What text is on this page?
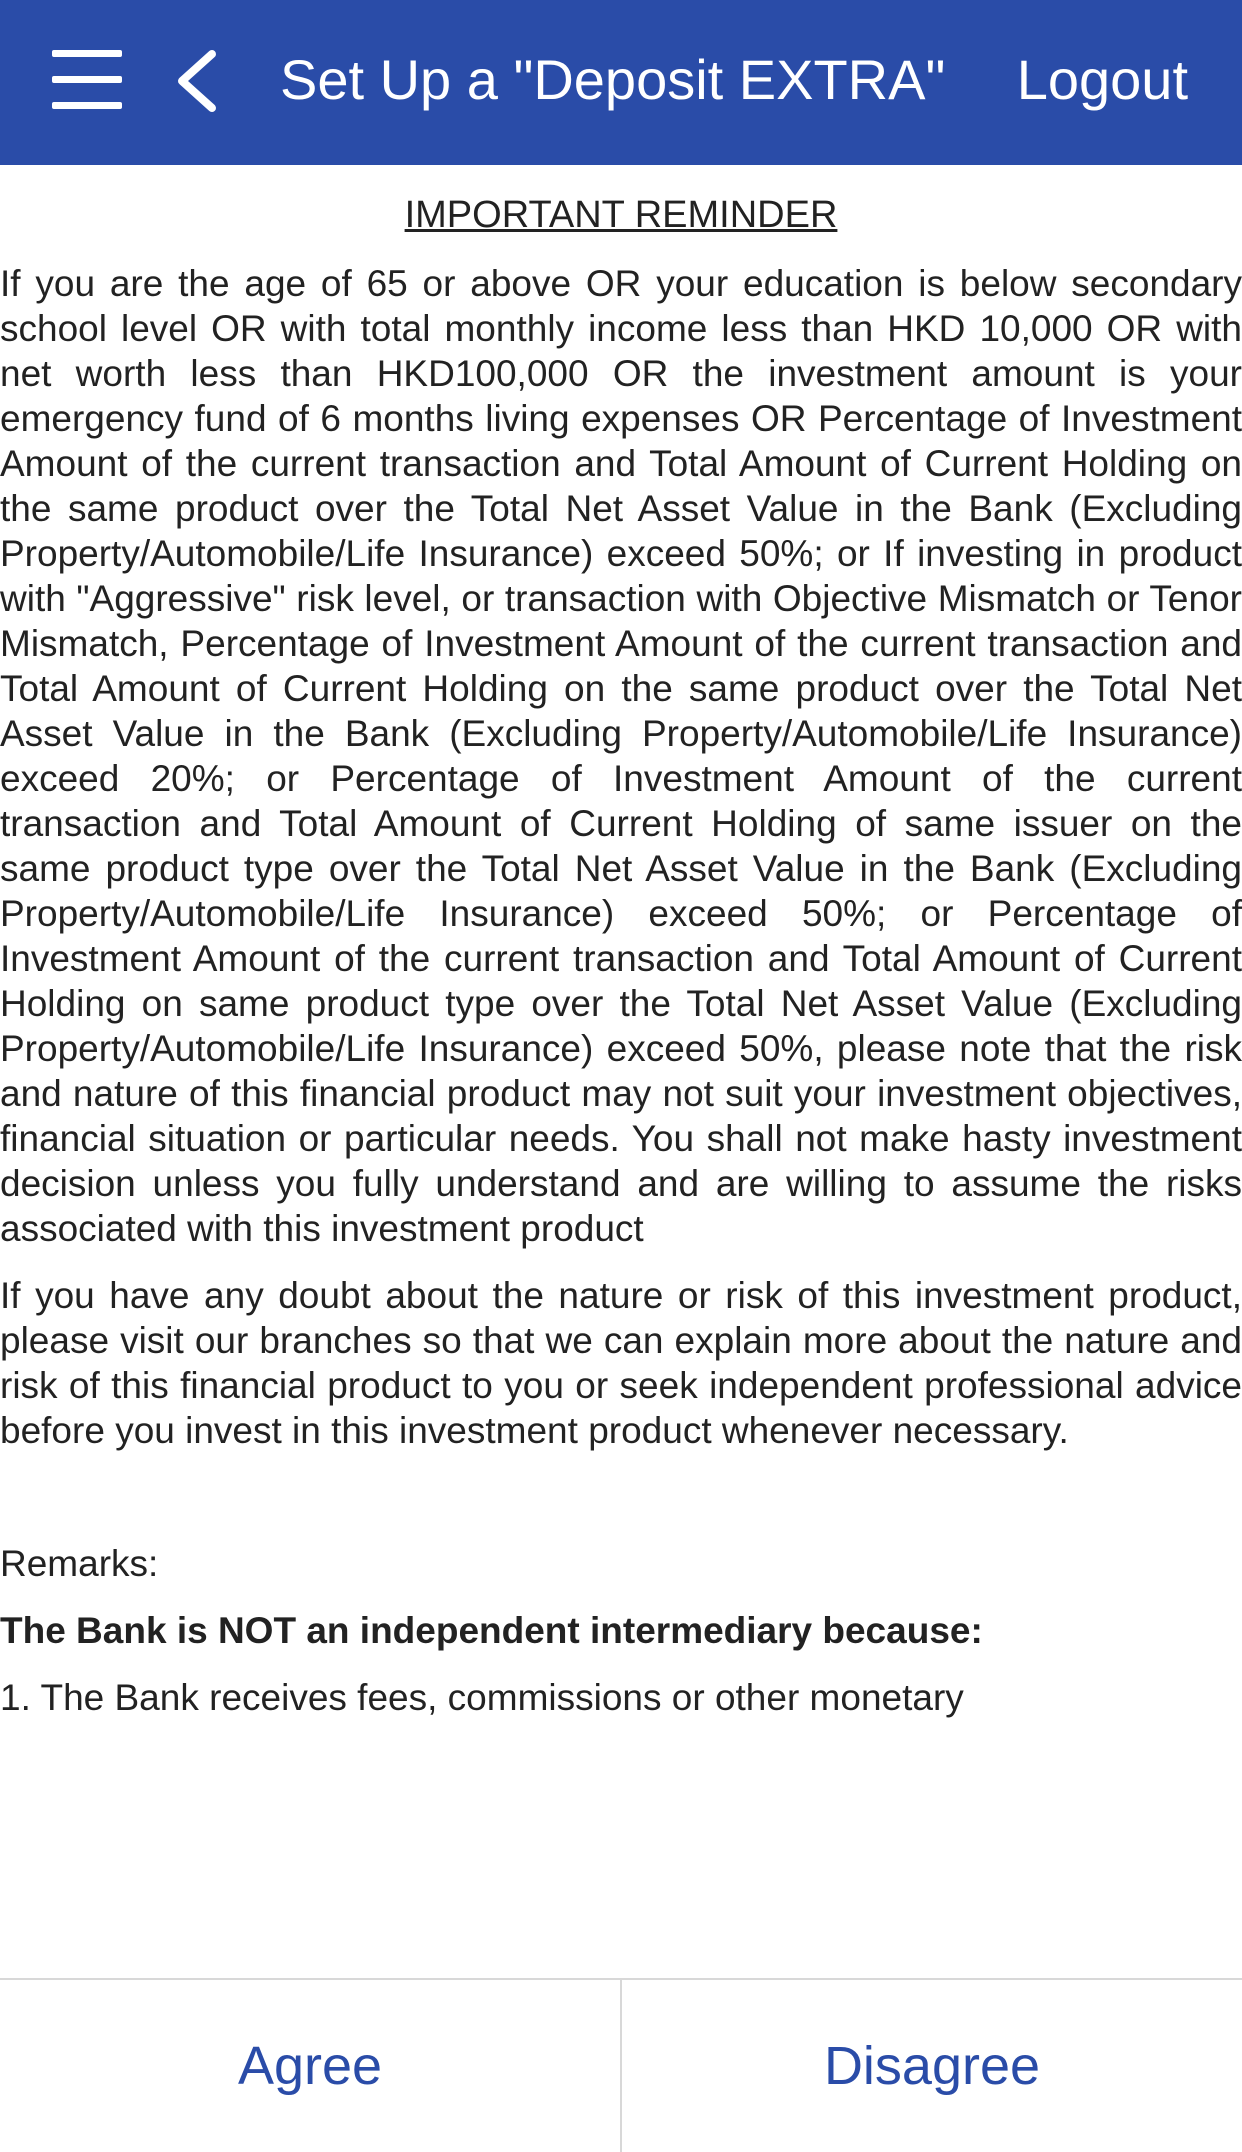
Set Up a "Deposit EXTRA" Logout
IMPORTANT REMINDER

If you are the age of 65 or above OR your education is below secondary school level OR with total monthly income less than HKD 10,000 OR with net worth less than HKD100,000 OR the investment amount is your emergency fund of 6 months living expenses OR Percentage of Investment Amount of the current transaction and Total Amount of Current Holding on the same product over the Total Net Asset Value in the Bank (Excluding Property/Automobile/Life Insurance) exceed 50%; or If investing in product with "Aggressive" risk level, or transaction with Objective Mismatch or Tenor Mismatch, Percentage of Investment Amount of the current transaction and Total Amount of Current Holding on the same product over the Total Net Asset Value in the Bank (Excluding Property/Automobile/Life Insurance) exceed 20%; or Percentage of Investment Amount of the current transaction and Total Amount of Current Holding of same issuer on the same product type over the Total Net Asset Value in the Bank (Excluding Property/Automobile/Life Insurance) exceed 50%; or Percentage of Investment Amount of the current transaction and Total Amount of Current Holding on same product type over the Total Net Asset Value (Excluding Property/Automobile/Life Insurance) exceed 50%, please note that the risk and nature of this financial product may not suit your investment objectives, financial situation or particular needs. You shall not make hasty investment decision unless you fully understand and are willing to assume the risks associated with this investment product

If you have any doubt about the nature or risk of this investment product, please visit our branches so that we can explain more about the nature and risk of this financial product to you or seek independent professional advice before you invest in this investment product whenever necessary.

Remarks:
The Bank is NOT an independent intermediary because:
1. The Bank receives fees, commissions or other monetary
Agree	Disagree
